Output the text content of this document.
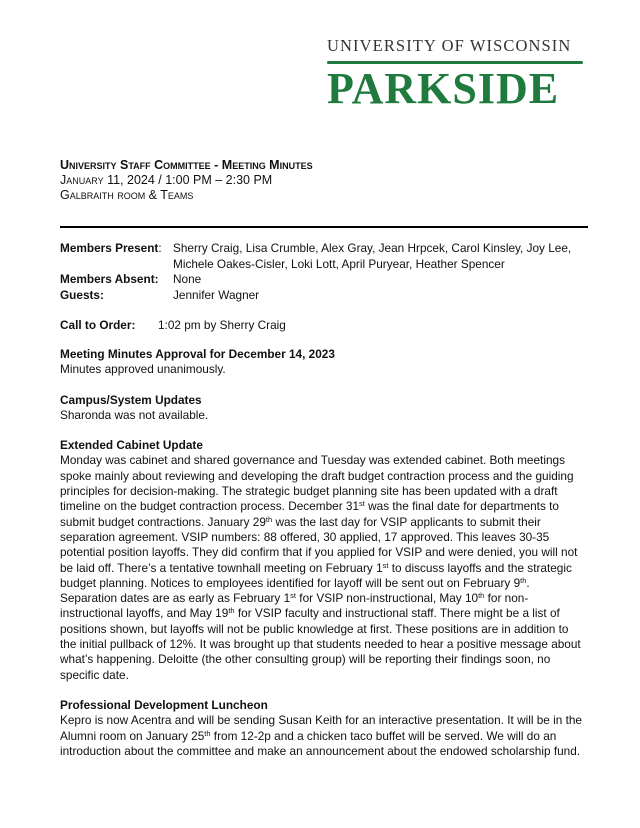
UNIVERSITY OF WISCONSIN
PARKSIDE
University Staff Committee - Meeting Minutes
January 11, 2024 / 1:00 PM – 2:30 PM
Galbraith room & Teams
Members Present: Sherry Craig, Lisa Crumble, Alex Gray, Jean Hrpcek, Carol Kinsley, Joy Lee, Michele Oakes-Cisler, Loki Lott, April Puryear, Heather Spencer
Members Absent:	None
Guests:	Jennifer Wagner
Call to Order: 1:02 pm by Sherry Craig
Meeting Minutes Approval for December 14, 2023
Minutes approved unanimously.
Campus/System Updates
Sharonda was not available.
Extended Cabinet Update
Monday was cabinet and shared governance and Tuesday was extended cabinet. Both meetings spoke mainly about reviewing and developing the draft budget contraction process and the guiding principles for decision-making. The strategic budget planning site has been updated with a draft timeline on the budget contraction process. December 31st was the final date for departments to submit budget contractions. January 29th was the last day for VSIP applicants to submit their separation agreement. VSIP numbers: 88 offered, 30 applied, 17 approved. This leaves 30-35 potential position layoffs. They did confirm that if you applied for VSIP and were denied, you will not be laid off. There’s a tentative townhall meeting on February 1st to discuss layoffs and the strategic budget planning. Notices to employees identified for layoff will be sent out on February 9th. Separation dates are as early as February 1st for VSIP non-instructional, May 10th for non-instructional layoffs, and May 19th for VSIP faculty and instructional staff. There might be a list of positions shown, but layoffs will not be public knowledge at first. These positions are in addition to the initial pullback of 12%. It was brought up that students needed to hear a positive message about what’s happening. Deloitte (the other consulting group) will be reporting their findings soon, no specific date.
Professional Development Luncheon
Kepro is now Acentra and will be sending Susan Keith for an interactive presentation. It will be in the Alumni room on January 25th from 12-2p and a chicken taco buffet will be served. We will do an introduction about the committee and make an announcement about the endowed scholarship fund.
